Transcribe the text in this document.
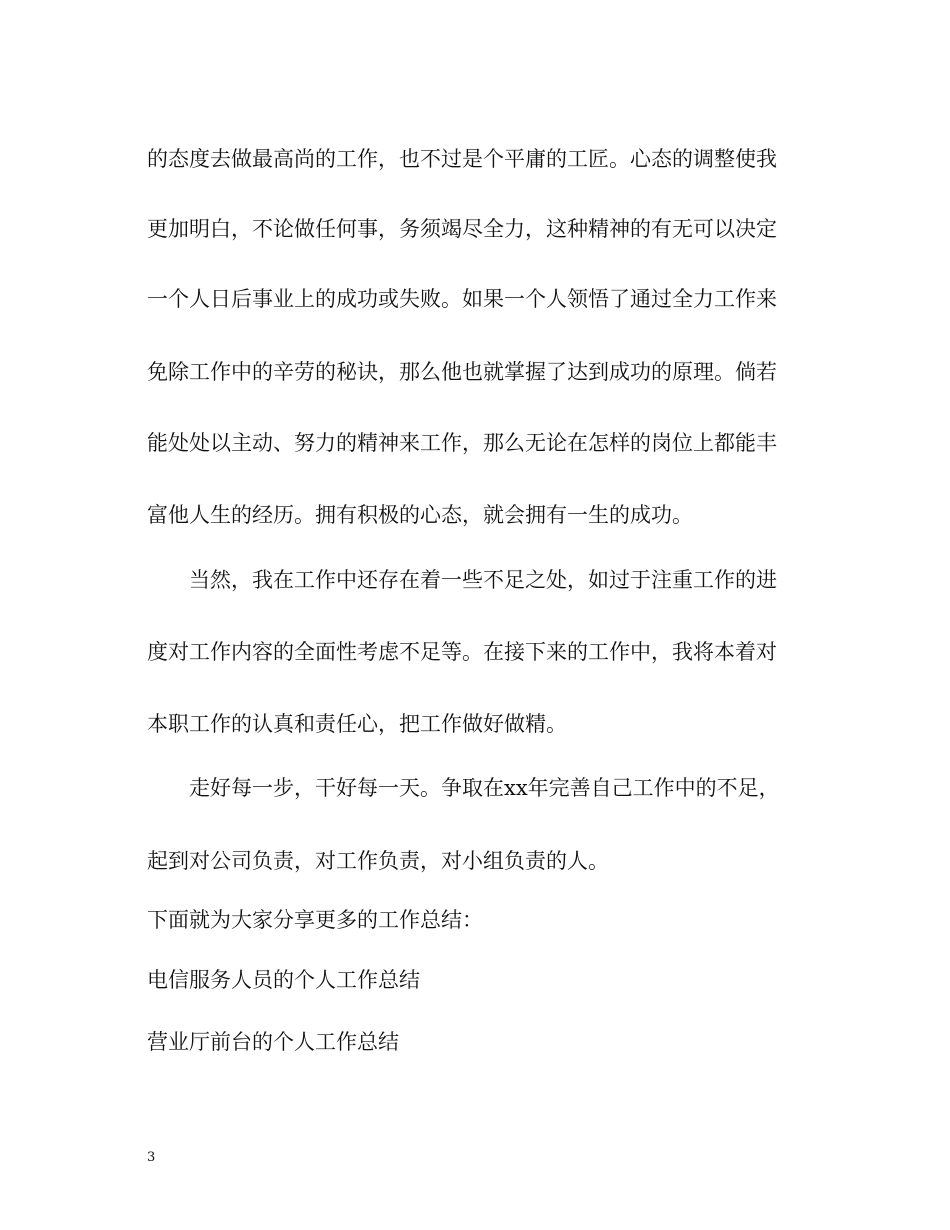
的态度去做最高尚的工作，也不过是个平庸的工匠。心态的调整使我
更加明白，不论做任何事，务须竭尽全力，这种精神的有无可以决定
一个人日后事业上的成功或失败。如果一个人领悟了通过全力工作来
免除工作中的辛劳的秘诀，那么他也就掌握了达到成功的原理。倘若
能处处以主动、努力的精神来工作，那么无论在怎样的岗位上都能丰
富他人生的经历。拥有积极的心态，就会拥有一生的成功。
当然，我在工作中还存在着一些不足之处，如过于注重工作的进
度对工作内容的全面性考虑不足等。在接下来的工作中，我将本着对
本职工作的认真和责任心，把工作做好做精。
走好每一步，干好每一天。争取在xx年完善自己工作中的不足，
起到对公司负责，对工作负责，对小组负责的人。
下面就为大家分享更多的工作总结：
电信服务人员的个人工作总结
营业厅前台的个人工作总结
3
